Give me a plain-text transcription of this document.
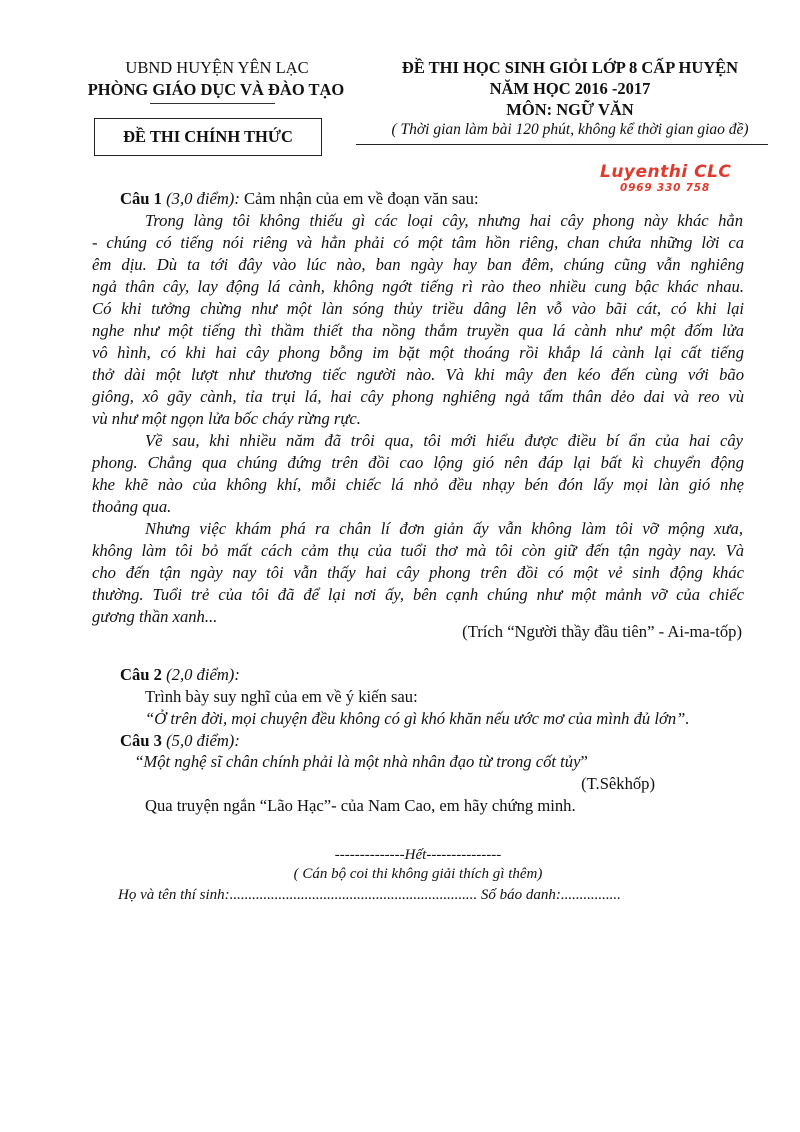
UBND HUYỆN YÊN LẠC
PHÒNG GIÁO DỤC VÀ ĐÀO TẠO
ĐỀ THI CHÍNH THỨC
ĐỀ THI HỌC SINH GIỎI LỚP 8 CẤP HUYỆN
NĂM HỌC 2016 -2017
MÔN: NGỮ VĂN
( Thời gian làm bài 120 phút, không kể thời gian giao đề)
Luyenthi CLC
0969 330 758
Câu 1 (3,0 điểm): Cảm nhận của em về đoạn văn sau:
Trong làng tôi không thiếu gì các loại cây, nhưng hai cây phong này khác hẳn
- chúng có tiếng nói riêng và hẳn phải có một tâm hồn riêng, chan chứa những lời ca
êm dịu. Dù ta tới đây vào lúc nào, ban ngày hay ban đêm, chúng cũng vẫn nghiêng
ngả thân cây, lay động lá cành, không ngớt tiếng rì rào theo nhiều cung bậc khác nhau.
Có khi tưởng chừng như một làn sóng thủy triều dâng lên vỗ vào bãi cát, có khi lại
nghe như một tiếng thì thầm thiết tha nồng thắm truyền qua lá cành như một đốm lửa
vô hình, có khi hai cây phong bỗng im bặt một thoáng rồi khắp lá cành lại cất tiếng
thở dài một lượt như thương tiếc người nào. Và khi mây đen kéo đến cùng với bão
giông, xô gãy cành, tỉa trụi lá, hai cây phong nghiêng ngả tấm thân dẻo dai và reo vù
vù như một ngọn lửa bốc cháy rừng rực.
Về sau, khi nhiều năm đã trôi qua, tôi mới hiểu được điều bí ẩn của hai cây
phong. Chẳng qua chúng đứng trên đồi cao lộng gió nên đáp lại bất kì chuyển động
khe khẽ nào của không khí, mỗi chiếc lá nhỏ đều nhạy bén đón lấy mọi làn gió nhẹ
thoảng qua.
Nhưng việc khám phá ra chân lí đơn giản ấy vẫn không làm tôi vỡ mộng xưa,
không làm tôi bỏ mất cách cảm thụ của tuổi thơ mà tôi còn giữ đến tận ngày nay. Và
cho đến tận ngày nay tôi vẫn thấy hai cây phong trên đồi có một vẻ sinh động khác
thường. Tuổi trẻ của tôi đã để lại nơi ấy, bên cạnh chúng như một mảnh vỡ của chiếc
gương thần xanh...
(Trích “Người thầy đầu tiên” - Ai-ma-tốp)
Câu 2 (2,0 điểm):
Trình bày suy nghĩ của em về ý kiến sau:
“Ở trên đời, mọi chuyện đều không có gì khó khăn nếu ước mơ của mình đủ lớn”.
Câu 3 (5,0 điểm):
“Một nghệ sĩ chân chính phải là một nhà nhân đạo từ trong cốt tủy”
(T.Sêkhốp)
Qua truyện ngắn “Lão Hạc”- của Nam Cao, em hãy chứng minh.
--------------Hết---------------
( Cán bộ coi thi không giải thích gì thêm)
Họ và tên thí sinh:.................................................................. Số báo danh:................
